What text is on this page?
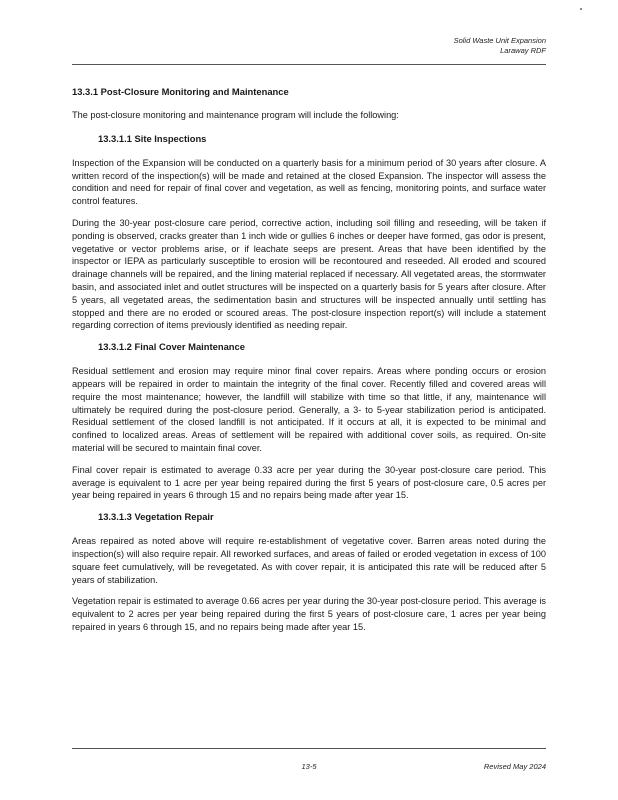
Solid Waste Unit Expansion
Laraway RDF
13.3.1 Post-Closure Monitoring and Maintenance

The post-closure monitoring and maintenance program will include the following:

13.3.1.1 Site Inspections

Inspection of the Expansion will be conducted on a quarterly basis for a minimum period of 30 years after closure. A written record of the inspection(s) will be made and retained at the closed Expansion. The inspector will assess the condition and need for repair of final cover and vegetation, as well as fencing, monitoring points, and surface water control features.

During the 30-year post-closure care period, corrective action, including soil filling and reseeding, will be taken if ponding is observed, cracks greater than 1 inch wide or gullies 6 inches or deeper have formed, gas odor is present, vegetative or vector problems arise, or if leachate seeps are present. Areas that have been identified by the inspector or IEPA as particularly susceptible to erosion will be recontoured and reseeded. All eroded and scoured drainage channels will be repaired, and the lining material replaced if necessary. All vegetated areas, the stormwater basin, and associated inlet and outlet structures will be inspected on a quarterly basis for 5 years after closure. After 5 years, all vegetated areas, the sedimentation basin and structures will be inspected annually until settling has stopped and there are no eroded or scoured areas. The post-closure inspection report(s) will include a statement regarding correction of items previously identified as needing repair.

13.3.1.2 Final Cover Maintenance

Residual settlement and erosion may require minor final cover repairs. Areas where ponding occurs or erosion appears will be repaired in order to maintain the integrity of the final cover. Recently filled and covered areas will require the most maintenance; however, the landfill will stabilize with time so that little, if any, maintenance will ultimately be required during the post-closure period. Generally, a 3- to 5-year stabilization period is anticipated. Residual settlement of the closed landfill is not anticipated. If it occurs at all, it is expected to be minimal and confined to localized areas. Areas of settlement will be repaired with additional cover soils, as required. On-site material will be secured to maintain final cover.

Final cover repair is estimated to average 0.33 acre per year during the 30-year post-closure care period. This average is equivalent to 1 acre per year being repaired during the first 5 years of post-closure care, 0.5 acres per year being repaired in years 6 through 15 and no repairs being made after year 15.

13.3.1.3 Vegetation Repair

Areas repaired as noted above will require re-establishment of vegetative cover. Barren areas noted during the inspection(s) will also require repair. All reworked surfaces, and areas of failed or eroded vegetation in excess of 100 square feet cumulatively, will be revegetated. As with cover repair, it is anticipated this rate will be reduced after 5 years of stabilization.

Vegetation repair is estimated to average 0.66 acres per year during the 30-year post-closure period. This average is equivalent to 2 acres per year being repaired during the first 5 years of post-closure care, 1 acres per year being repaired in years 6 through 15, and no repairs being made after year 15.

13-5	Revised May 2024
